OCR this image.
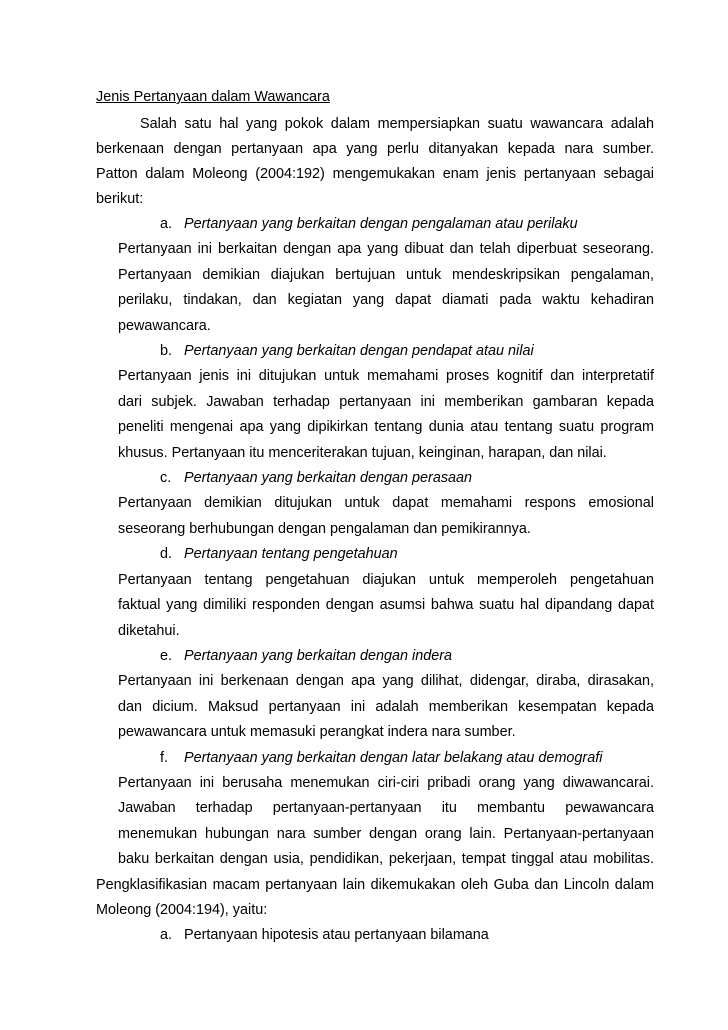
Jenis Pertanyaan dalam Wawancara
Salah satu hal yang pokok dalam mempersiapkan suatu wawancara adalah
berkenaan dengan pertanyaan apa yang perlu ditanyakan kepada nara sumber.
Patton dalam Moleong (2004:192) mengemukakan enam jenis pertanyaan sebagai
berikut:
a. Pertanyaan yang berkaitan dengan pengalaman atau perilaku
Pertanyaan ini berkaitan dengan apa yang dibuat dan telah diperbuat seseorang.
Pertanyaan demikian diajukan bertujuan untuk mendeskripsikan pengalaman,
perilaku, tindakan, dan kegiatan yang dapat diamati pada waktu kehadiran
pewawancara.
b. Pertanyaan yang berkaitan dengan pendapat atau nilai
Pertanyaan jenis ini ditujukan untuk memahami proses kognitif dan interpretatif
dari subjek. Jawaban terhadap pertanyaan ini memberikan gambaran kepada
peneliti mengenai apa yang dipikirkan tentang dunia atau tentang suatu program
khusus. Pertanyaan itu menceriterakan tujuan, keinginan, harapan, dan nilai.
c. Pertanyaan yang berkaitan dengan perasaan
Pertanyaan demikian ditujukan untuk dapat memahami respons emosional
seseorang berhubungan dengan pengalaman dan pemikirannya.
d. Pertanyaan tentang pengetahuan
Pertanyaan tentang pengetahuan diajukan untuk memperoleh pengetahuan
faktual yang dimiliki responden dengan asumsi bahwa suatu hal dipandang dapat
diketahui.
e. Pertanyaan yang berkaitan dengan indera
Pertanyaan ini berkenaan dengan apa yang dilihat, didengar, diraba, dirasakan,
dan dicium. Maksud pertanyaan ini adalah memberikan kesempatan kepada
pewawancara untuk memasuki perangkat indera nara sumber.
f. Pertanyaan yang berkaitan dengan latar belakang atau demografi
Pertanyaan ini berusaha menemukan ciri-ciri pribadi orang yang diwawancarai.
Jawaban terhadap pertanyaan-pertanyaan itu membantu pewawancara
menemukan hubungan nara sumber dengan orang lain. Pertanyaan-pertanyaan
baku berkaitan dengan usia, pendidikan, pekerjaan, tempat tinggal atau mobilitas.
Pengklasifikasian macam pertanyaan lain dikemukakan oleh Guba dan Lincoln dalam
Moleong (2004:194), yaitu:
a. Pertanyaan hipotesis atau pertanyaan bilamana
